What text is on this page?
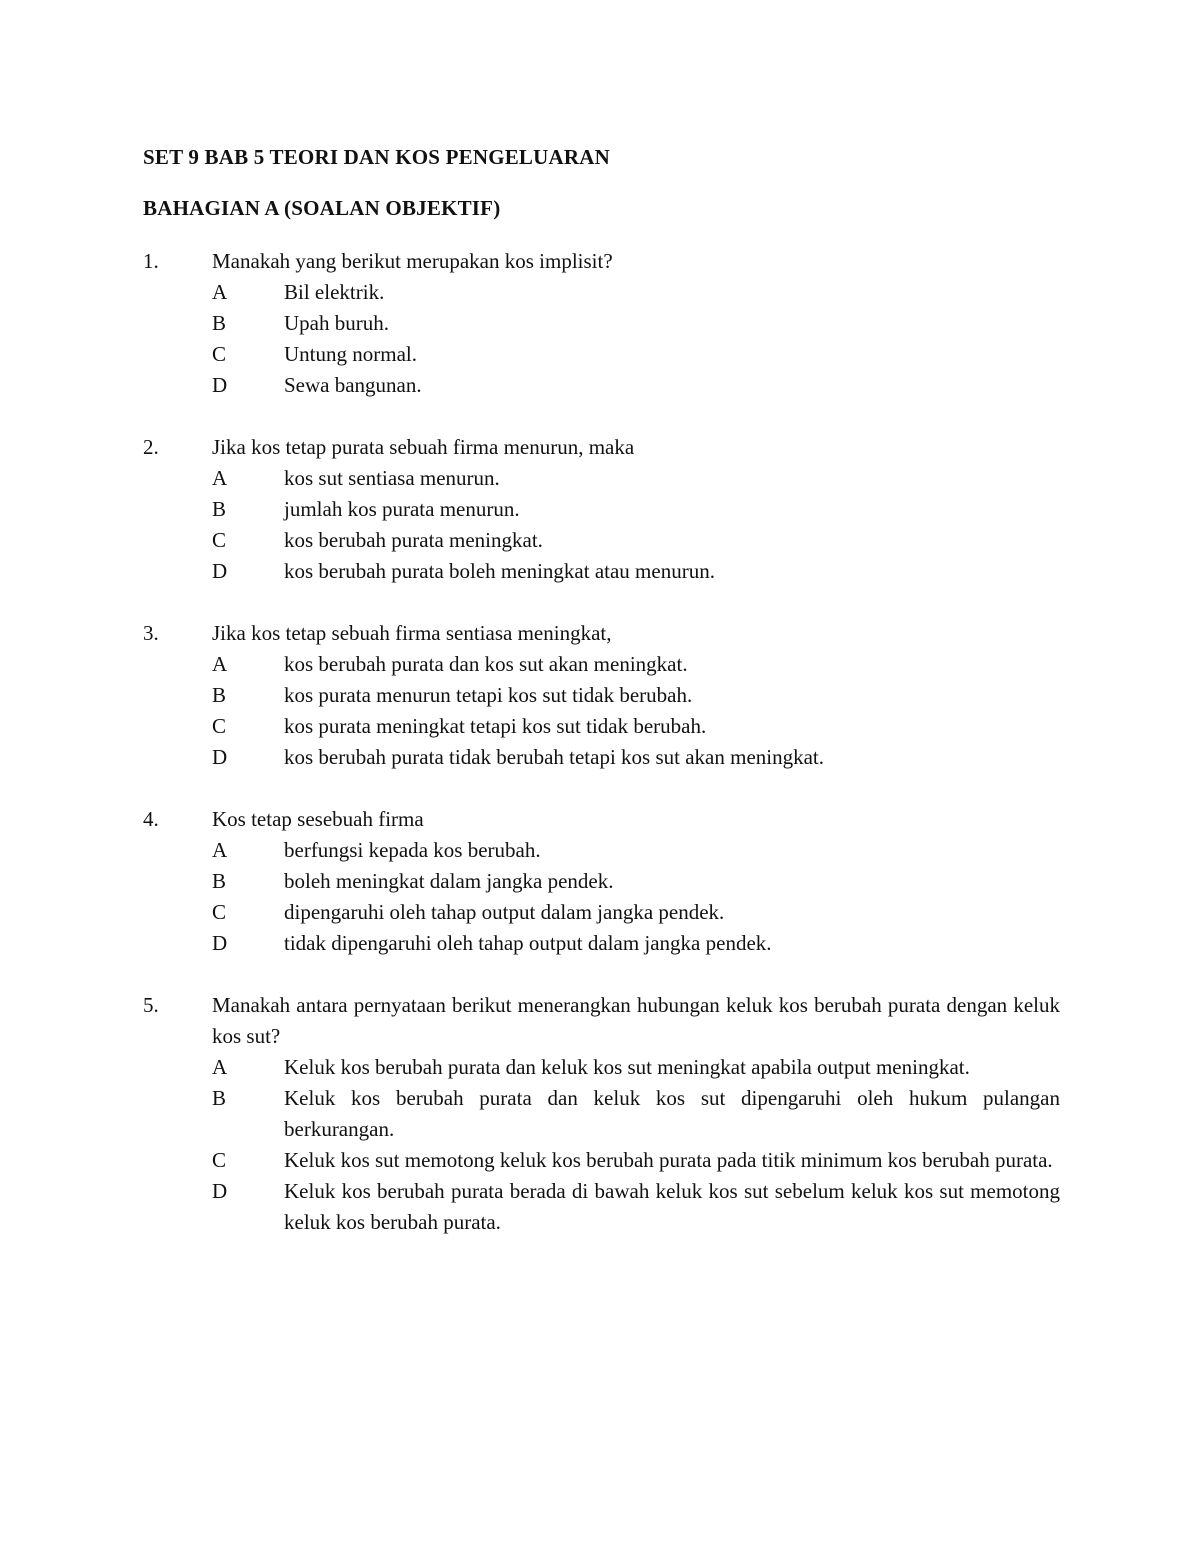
SET 9 BAB 5 TEORI DAN KOS PENGELUARAN
BAHAGIAN A (SOALAN OBJEKTIF)
1.	Manakah yang berikut merupakan kos implisit?
A	Bil elektrik.
B	Upah buruh.
C	Untung normal.
D	Sewa bangunan.
2.	Jika kos tetap purata sebuah firma menurun, maka
A	kos sut sentiasa menurun.
B	jumlah kos purata menurun.
C	kos berubah purata meningkat.
D	kos berubah purata boleh meningkat atau menurun.
3.	Jika kos tetap sebuah firma sentiasa meningkat,
A	kos berubah purata dan kos sut akan meningkat.
B	kos purata menurun tetapi kos sut tidak berubah.
C	kos purata meningkat tetapi kos sut tidak berubah.
D	kos berubah purata tidak berubah tetapi kos sut akan meningkat.
4.	Kos tetap sesebuah firma
A	berfungsi kepada kos berubah.
B	boleh meningkat dalam jangka pendek.
C	dipengaruhi oleh tahap output dalam jangka pendek.
D	tidak dipengaruhi oleh tahap output dalam jangka pendek.
5.	Manakah antara pernyataan berikut menerangkan hubungan keluk kos berubah purata dengan keluk kos sut?
A	Keluk kos berubah purata dan keluk kos sut meningkat apabila output meningkat.
B	Keluk kos berubah purata dan keluk kos sut dipengaruhi oleh hukum pulangan berkurangan.
C	Keluk kos sut memotong keluk kos berubah purata pada titik minimum kos berubah purata.
D	Keluk kos berubah purata berada di bawah keluk kos sut sebelum keluk kos sut memotong keluk kos berubah purata.
